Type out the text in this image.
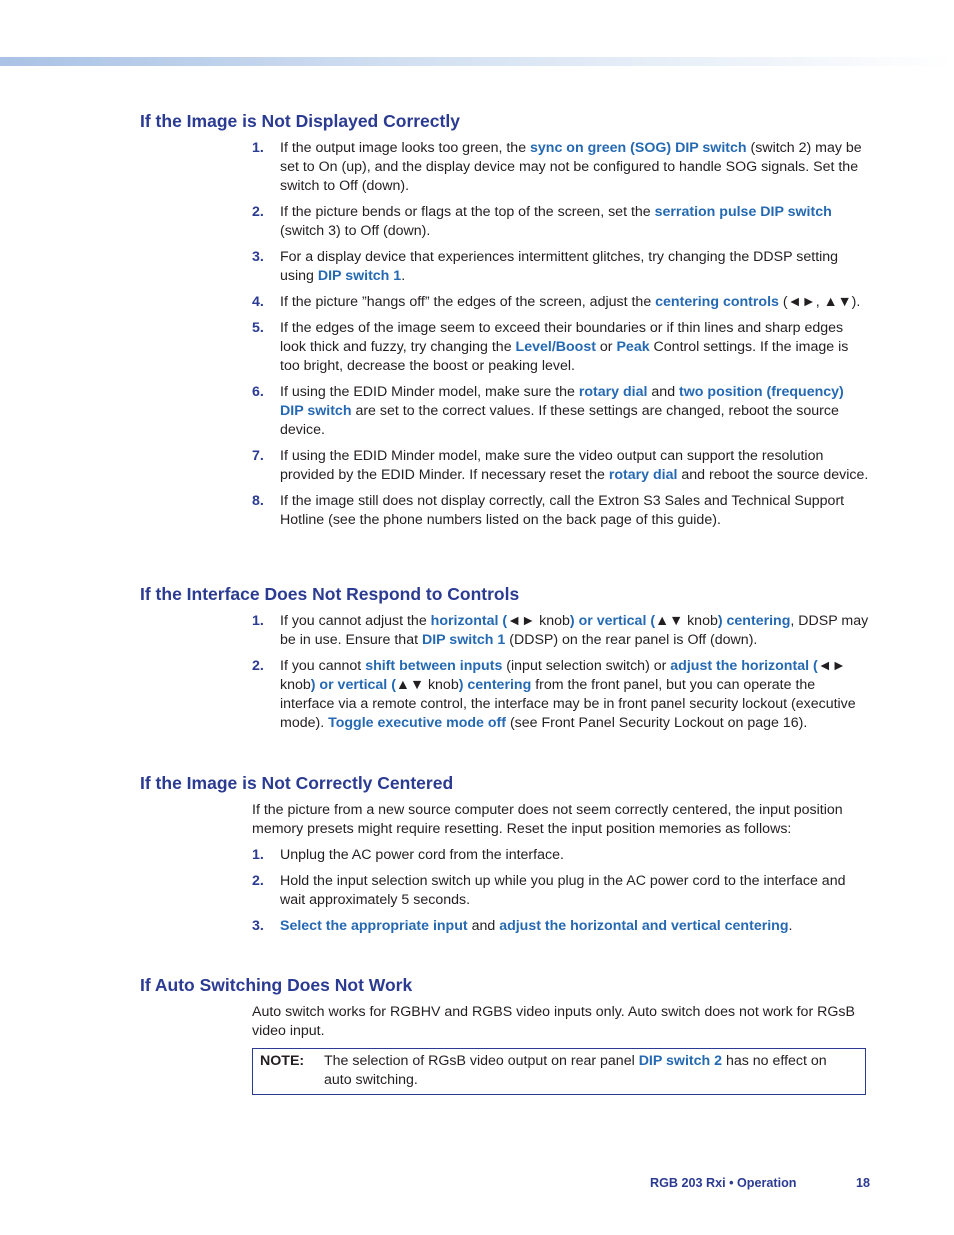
If the Image is Not Displayed Correctly
1. If the output image looks too green, the sync on green (SOG) DIP switch (switch 2) may be set to On (up), and the display device may not be configured to handle SOG signals. Set the switch to Off (down).
2. If the picture bends or flags at the top of the screen, set the serration pulse DIP switch (switch 3) to Off (down).
3. For a display device that experiences intermittent glitches, try changing the DDSP setting using DIP switch 1.
4. If the picture ”hangs off” the edges of the screen, adjust the centering controls (◄►, ▲▼).
5. If the edges of the image seem to exceed their boundaries or if thin lines and sharp edges look thick and fuzzy, try changing the Level/Boost or Peak Control settings. If the image is too bright, decrease the boost or peaking level.
6. If using the EDID Minder model, make sure the rotary dial and two position (frequency) DIP switch are set to the correct values. If these settings are changed, reboot the source device.
7. If using the EDID Minder model, make sure the video output can support the resolution provided by the EDID Minder. If necessary reset the rotary dial and reboot the source device.
8. If the image still does not display correctly, call the Extron S3 Sales and Technical Support Hotline (see the phone numbers listed on the back page of this guide).
If the Interface Does Not Respond to Controls
1. If you cannot adjust the horizontal (◄► knob) or vertical (▲▼ knob) centering, DDSP may be in use. Ensure that DIP switch 1 (DDSP) on the rear panel is Off (down).
2. If you cannot shift between inputs (input selection switch) or adjust the horizontal (◄► knob) or vertical (▲▼ knob) centering from the front panel, but you can operate the interface via a remote control, the interface may be in front panel security lockout (executive mode). Toggle executive mode off (see Front Panel Security Lockout on page 16).
If the Image is Not Correctly Centered
If the picture from a new source computer does not seem correctly centered, the input position memory presets might require resetting. Reset the input position memories as follows:
1. Unplug the AC power cord from the interface.
2. Hold the input selection switch up while you plug in the AC power cord to the interface and wait approximately 5 seconds.
3. Select the appropriate input and adjust the horizontal and vertical centering.
If Auto Switching Does Not Work
Auto switch works for RGBHV and RGBS video inputs only. Auto switch does not work for RGsB video input.
NOTE: The selection of RGsB video output on rear panel DIP switch 2 has no effect on auto switching.
RGB 203 Rxi • Operation	18
